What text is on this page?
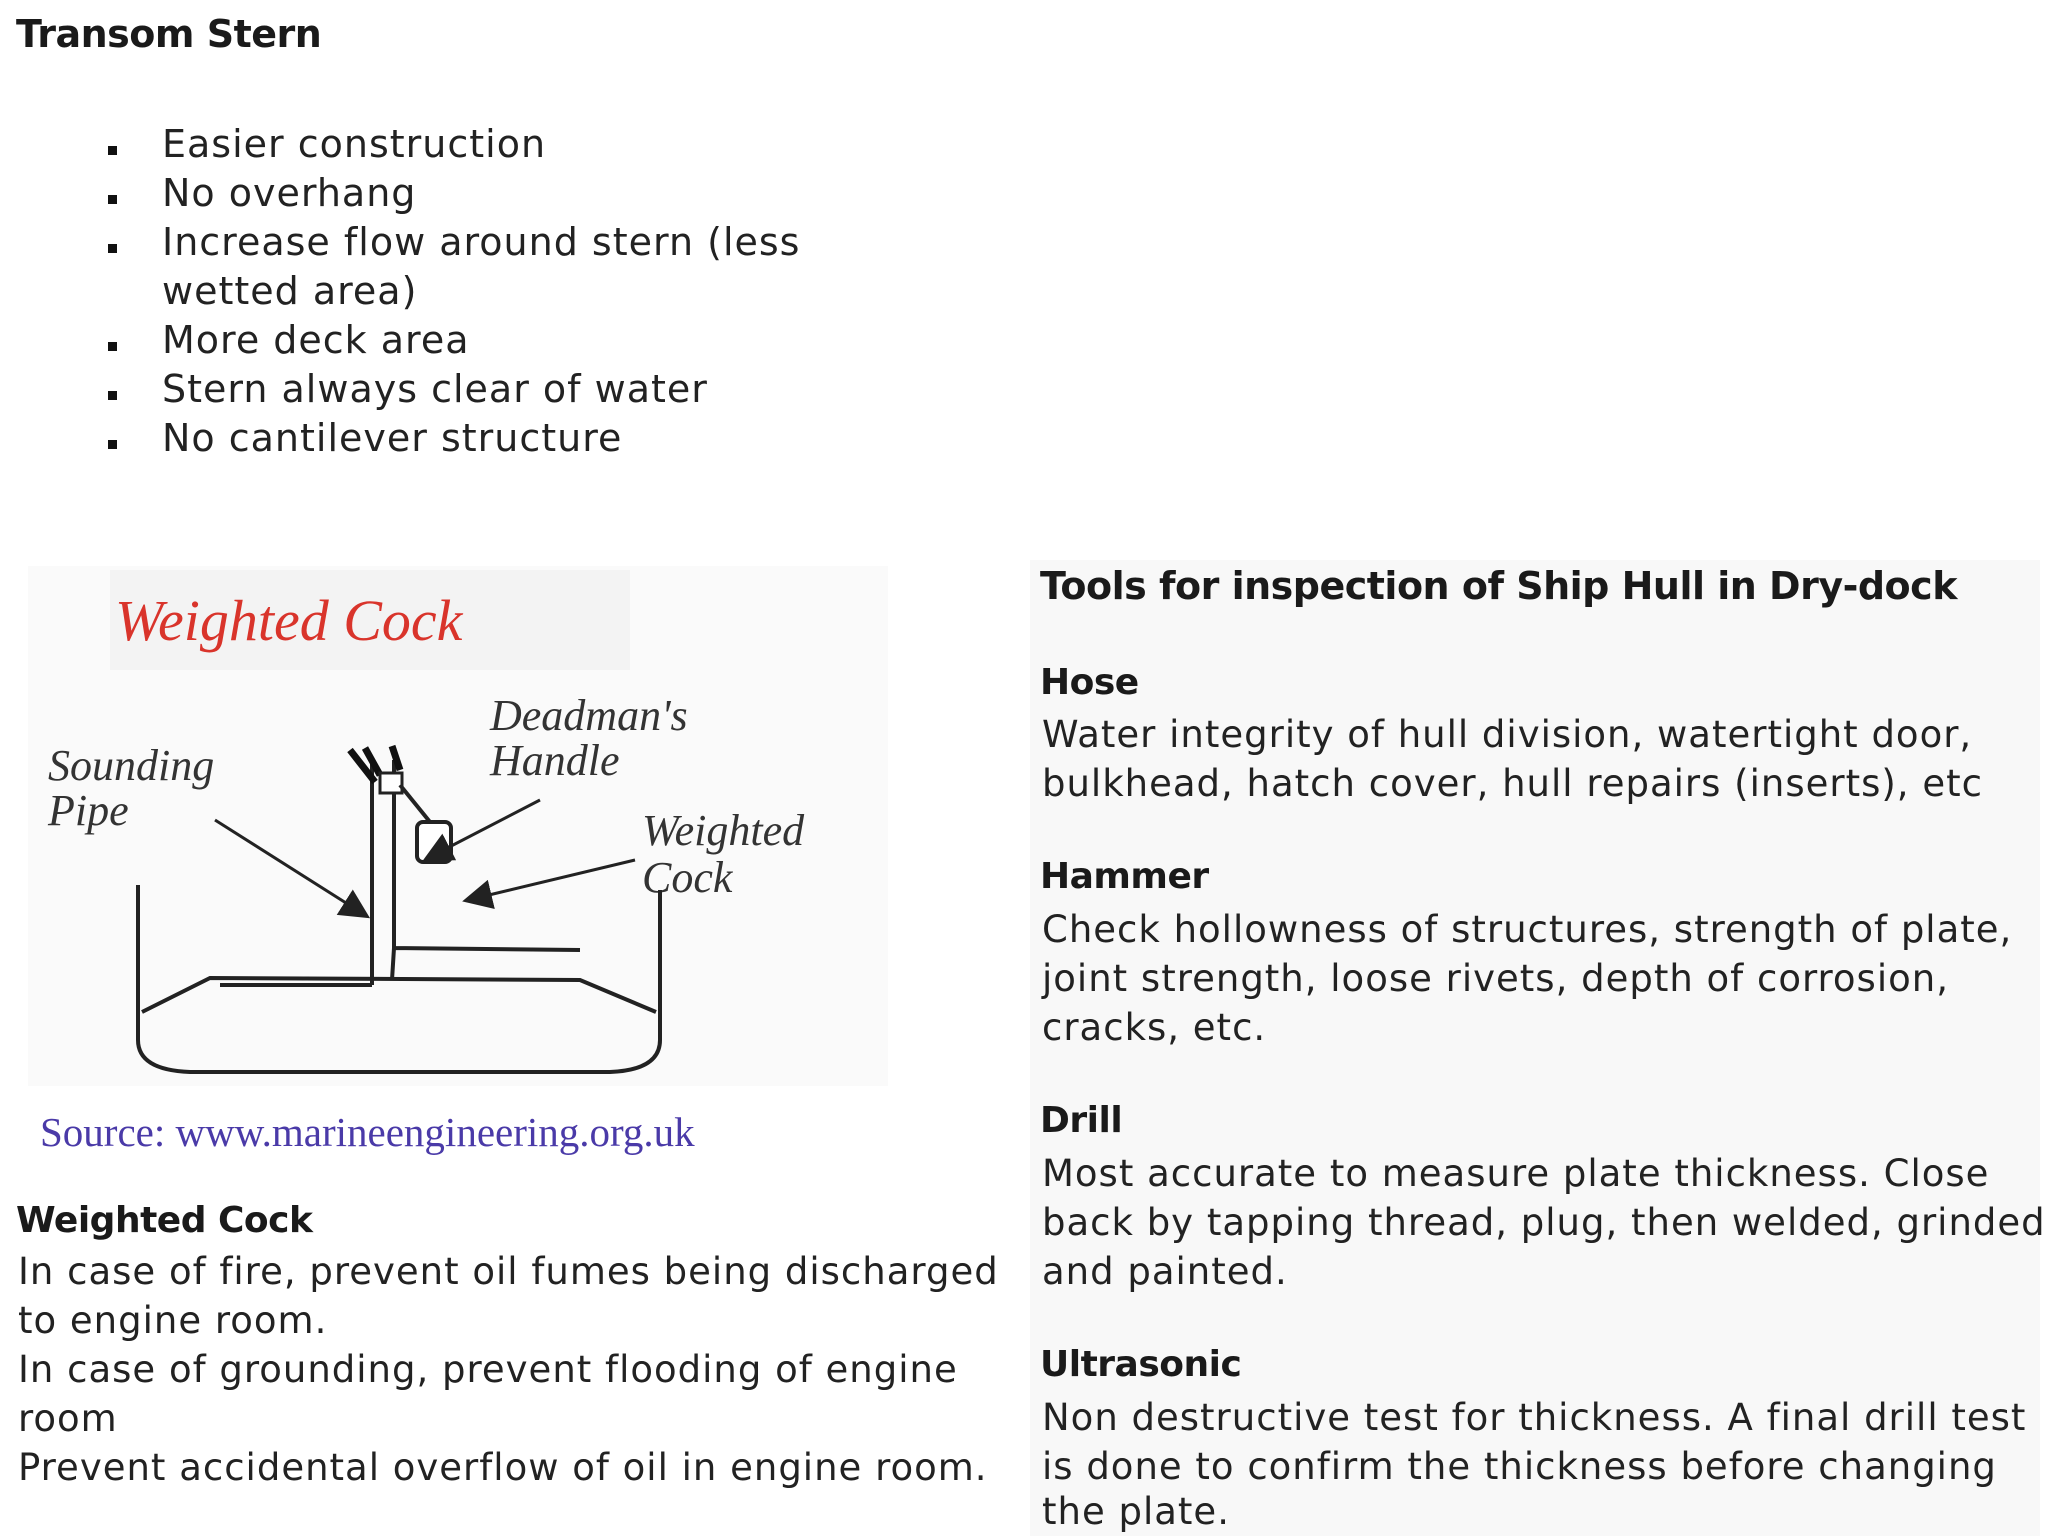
Transom Stern
Easier construction
No overhang
Increase flow around stern (less wetted area)
More deck area
Stern always clear of water
No cantilever structure
Weighted Cock
Sounding
Pipe
Deadman's
Handle
Weighted
Cock
Source: www.marineengineering.org.uk
Weighted Cock
In case of fire, prevent oil fumes being discharged
to engine room.
In case of grounding, prevent flooding of engine
room
Prevent accidental overflow of oil in engine room.
Tools for inspection of Ship Hull in Dry-dock
Hose
Water integrity of hull division, watertight door,
bulkhead, hatch cover, hull repairs (inserts), etc
Hammer
Check hollowness of structures, strength of plate,
joint strength, loose rivets, depth of corrosion,
cracks, etc.
Drill
Most accurate to measure plate thickness. Close
back by tapping thread, plug, then welded, grinded
and painted.
Ultrasonic
Non destructive test for thickness. A final drill test
is done to confirm the thickness before changing
the plate.
